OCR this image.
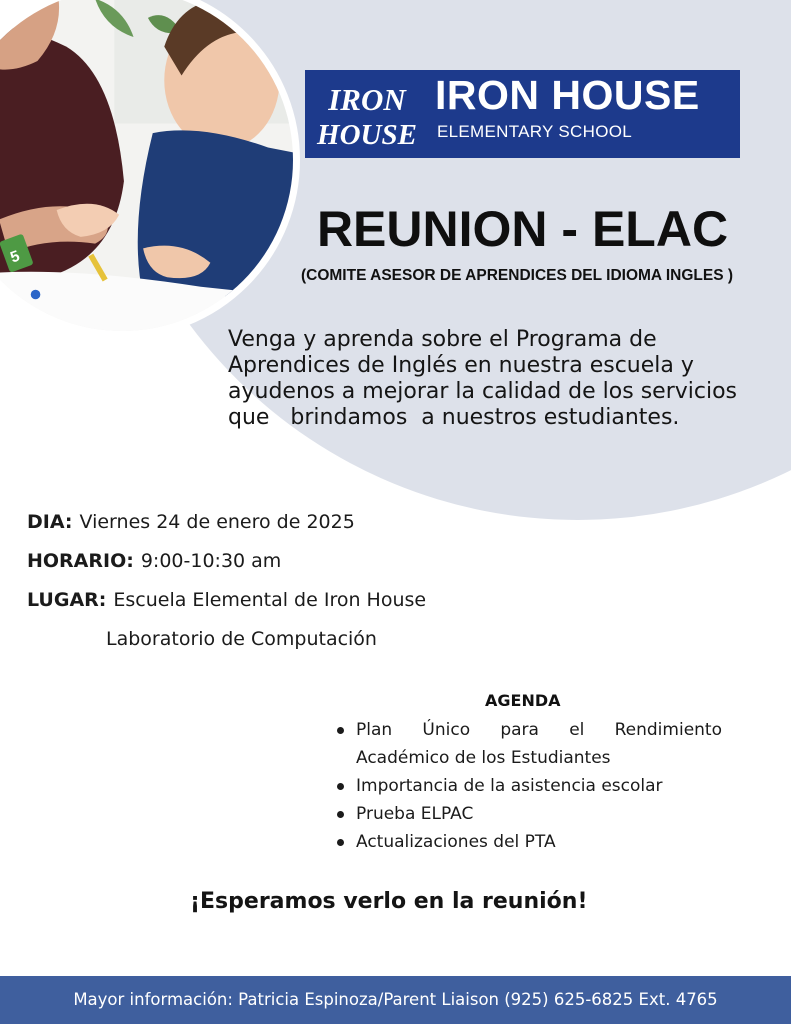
5
IRON
HOUSE
IRON HOUSE
ELEMENTARY SCHOOL
REUNION - ELAC
(COMITE ASESOR DE APRENDICES DEL IDIOMA INGLES )
Venga y aprenda sobre el Programa de
Aprendices de Inglés en nuestra escuela y
ayudenos a mejorar la calidad de los servicios
que   brindamos  a nuestros estudiantes.
DIA: Viernes 24 de enero de 2025
HORARIO: 9:00-10:30 am
LUGAR: Escuela Elemental de Iron House
Laboratorio de Computación
AGENDA
Plan Único para el Rendimiento
Académico de los Estudiantes
Importancia de la asistencia escolar
Prueba ELPAC
Actualizaciones del PTA
¡Esperamos verlo en la reunión!
Mayor información: Patricia Espinoza/Parent Liaison (925) 625-6825 Ext. 4765
